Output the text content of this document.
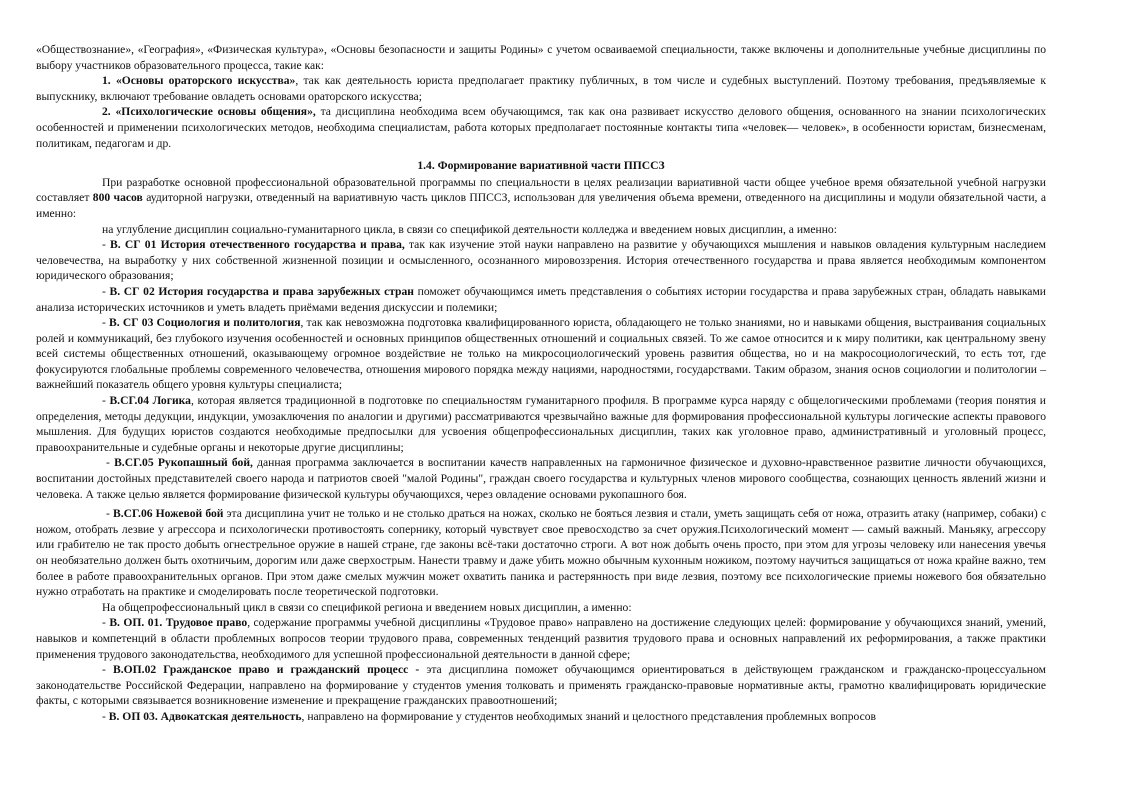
«Обществознание», «География», «Физическая культура», «Основы безопасности и защиты Родины» с учетом осваиваемой специальности, также включены и дополнительные учебные дисциплины по выбору участников образовательного процесса, такие как:

1. «Основы ораторского искусства», так как деятельность юриста предполагает практику публичных, в том числе и судебных выступлений. Поэтому требования, предъявляемые к выпускнику, включают требование овладеть основами ораторского искусства;

2. «Психологические основы общения», та дисциплина необходима всем обучающимся, так как она развивает искусство делового общения, основанного на знании психологических особенностей и применении психологических методов, необходима специалистам, работа которых предполагает постоянные контакты типа «человек— человек», в особенности юристам, бизнесменам, политикам, педагогам и др.

1.4. Формирование вариативной части ППССЗ

При разработке основной профессиональной образовательной программы по специальности в целях реализации вариативной части общее учебное время обязательной учебной нагрузки составляет 800 часов аудиторной нагрузки, отведенный на вариативную часть циклов ППССЗ, использован для увеличения объема времени, отведенного на дисциплины и модули обязательной части, а именно:

на углубление дисциплин социально-гуманитарного цикла, в связи со спецификой деятельности колледжа и введением новых дисциплин, а именно:

- В. СГ 01 История отечественного государства и права, так как изучение этой науки направлено на развитие у обучающихся мышления и навыков овладения культурным наследием человечества, на выработку у них собственной жизненной позиции и осмысленного, осознанного мировоззрения. История отечественного государства и права является необходимым компонентом юридического образования;

- В. СГ 02 История государства и права зарубежных стран поможет обучающимся иметь представления о событиях истории государства и права зарубежных стран, обладать навыками анализа исторических источников и уметь владеть приёмами ведения дискуссии и полемики;

- В. СГ 03 Социология и политология, так как невозможна подготовка квалифицированного юриста, обладающего не только знаниями, но и навыками общения, выстраивания социальных ролей и коммуникаций, без глубокого изучения особенностей и основных принципов общественных отношений и социальных связей. То же самое относится и к миру политики, как центральному звену всей системы общественных отношений, оказывающему огромное воздействие не только на микросоциологический уровень развития общества, но и на макросоциологический, то есть тот, где фокусируются глобальные проблемы современного человечества, отношения мирового порядка между нациями, народностями, государствами. Таким образом, знания основ социологии и политологии – важнейший показатель общего уровня культуры специалиста;

- В.СГ.04 Логика, которая является традиционной в подготовке по специальностям гуманитарного профиля. В программе курса наряду с общелогическими проблемами (теория понятия и определения, методы дедукции, индукции, умозаключения по аналогии и другими) рассматриваются чрезвычайно важные для формирования профессиональной культуры логические аспекты правового мышления. Для будущих юристов создаются необходимые предпосылки для усвоения общепрофессиональных дисциплин, таких как уголовное право, административный и уголовный процесс, правоохранительные и судебные органы и некоторые другие дисциплины;

- В.СГ.05 Рукопашный бой, данная программа заключается в воспитании качеств направленных на гармоничное физическое и духовно-нравственное развитие личности обучающихся, воспитании достойных представителей своего народа и патриотов своей "малой Родины", граждан своего государства и культурных членов мирового сообщества, сознающих ценность явлений жизни и человека. А также целью является формирование физической культуры обучающихся, через овладение основами рукопашного боя.

- В.СГ.06 Ножевой бой эта дисциплина учит не только и не столько драться на ножах, сколько не бояться лезвия и стали, уметь защищать себя от ножа, отразить атаку (например, собаки) с ножом, отобрать лезвие у агрессора и психологически противостоять сопернику, который чувствует свое превосходство за счет оружия.Психологический момент — самый важный. Маньяку, агрессору или грабителю не так просто добыть огнестрельное оружие в нашей стране, где законы всё-таки достаточно строги. А вот нож добыть очень просто, при этом для угрозы человеку или нанесения увечья он необязательно должен быть охотничьим, дорогим или даже сверхострым. Нанести травму и даже убить можно обычным кухонным ножиком, поэтому научиться защищаться от ножа крайне важно, тем более в работе правоохранительных органов. При этом даже смелых мужчин может охватить паника и растерянность при виде лезвия, поэтому все психологические приемы ножевого боя обязательно нужно отработать на практике и смоделировать после теоретической подготовки.

На общепрофессиональный цикл в связи со спецификой региона и введением новых дисциплин, а именно:

- В. ОП. 01. Трудовое право, содержание программы учебной дисциплины «Трудовое право» направлено на достижение следующих целей: формирование у обучающихся знаний, умений, навыков и компетенций в области проблемных вопросов теории трудового права, современных тенденций развития трудового права и основных направлений их реформирования, а также практики применения трудового законодательства, необходимого для успешной профессиональной деятельности в данной сфере;

- В.ОП.02 Гражданское право и гражданский процесс - эта дисциплина поможет обучающимся ориентироваться в действующем гражданском и гражданско-процессуальном законодательстве Российской Федерации, направлено на формирование у студентов умения толковать и применять гражданско-правовые нормативные акты, грамотно квалифицировать юридические факты, с которыми связывается возникновение изменение и прекращение гражданских правоотношений;

- В. ОП 03. Адвокатская деятельность, направлено на формирование у студентов необходимых знаний и целостного представления проблемных вопросов
